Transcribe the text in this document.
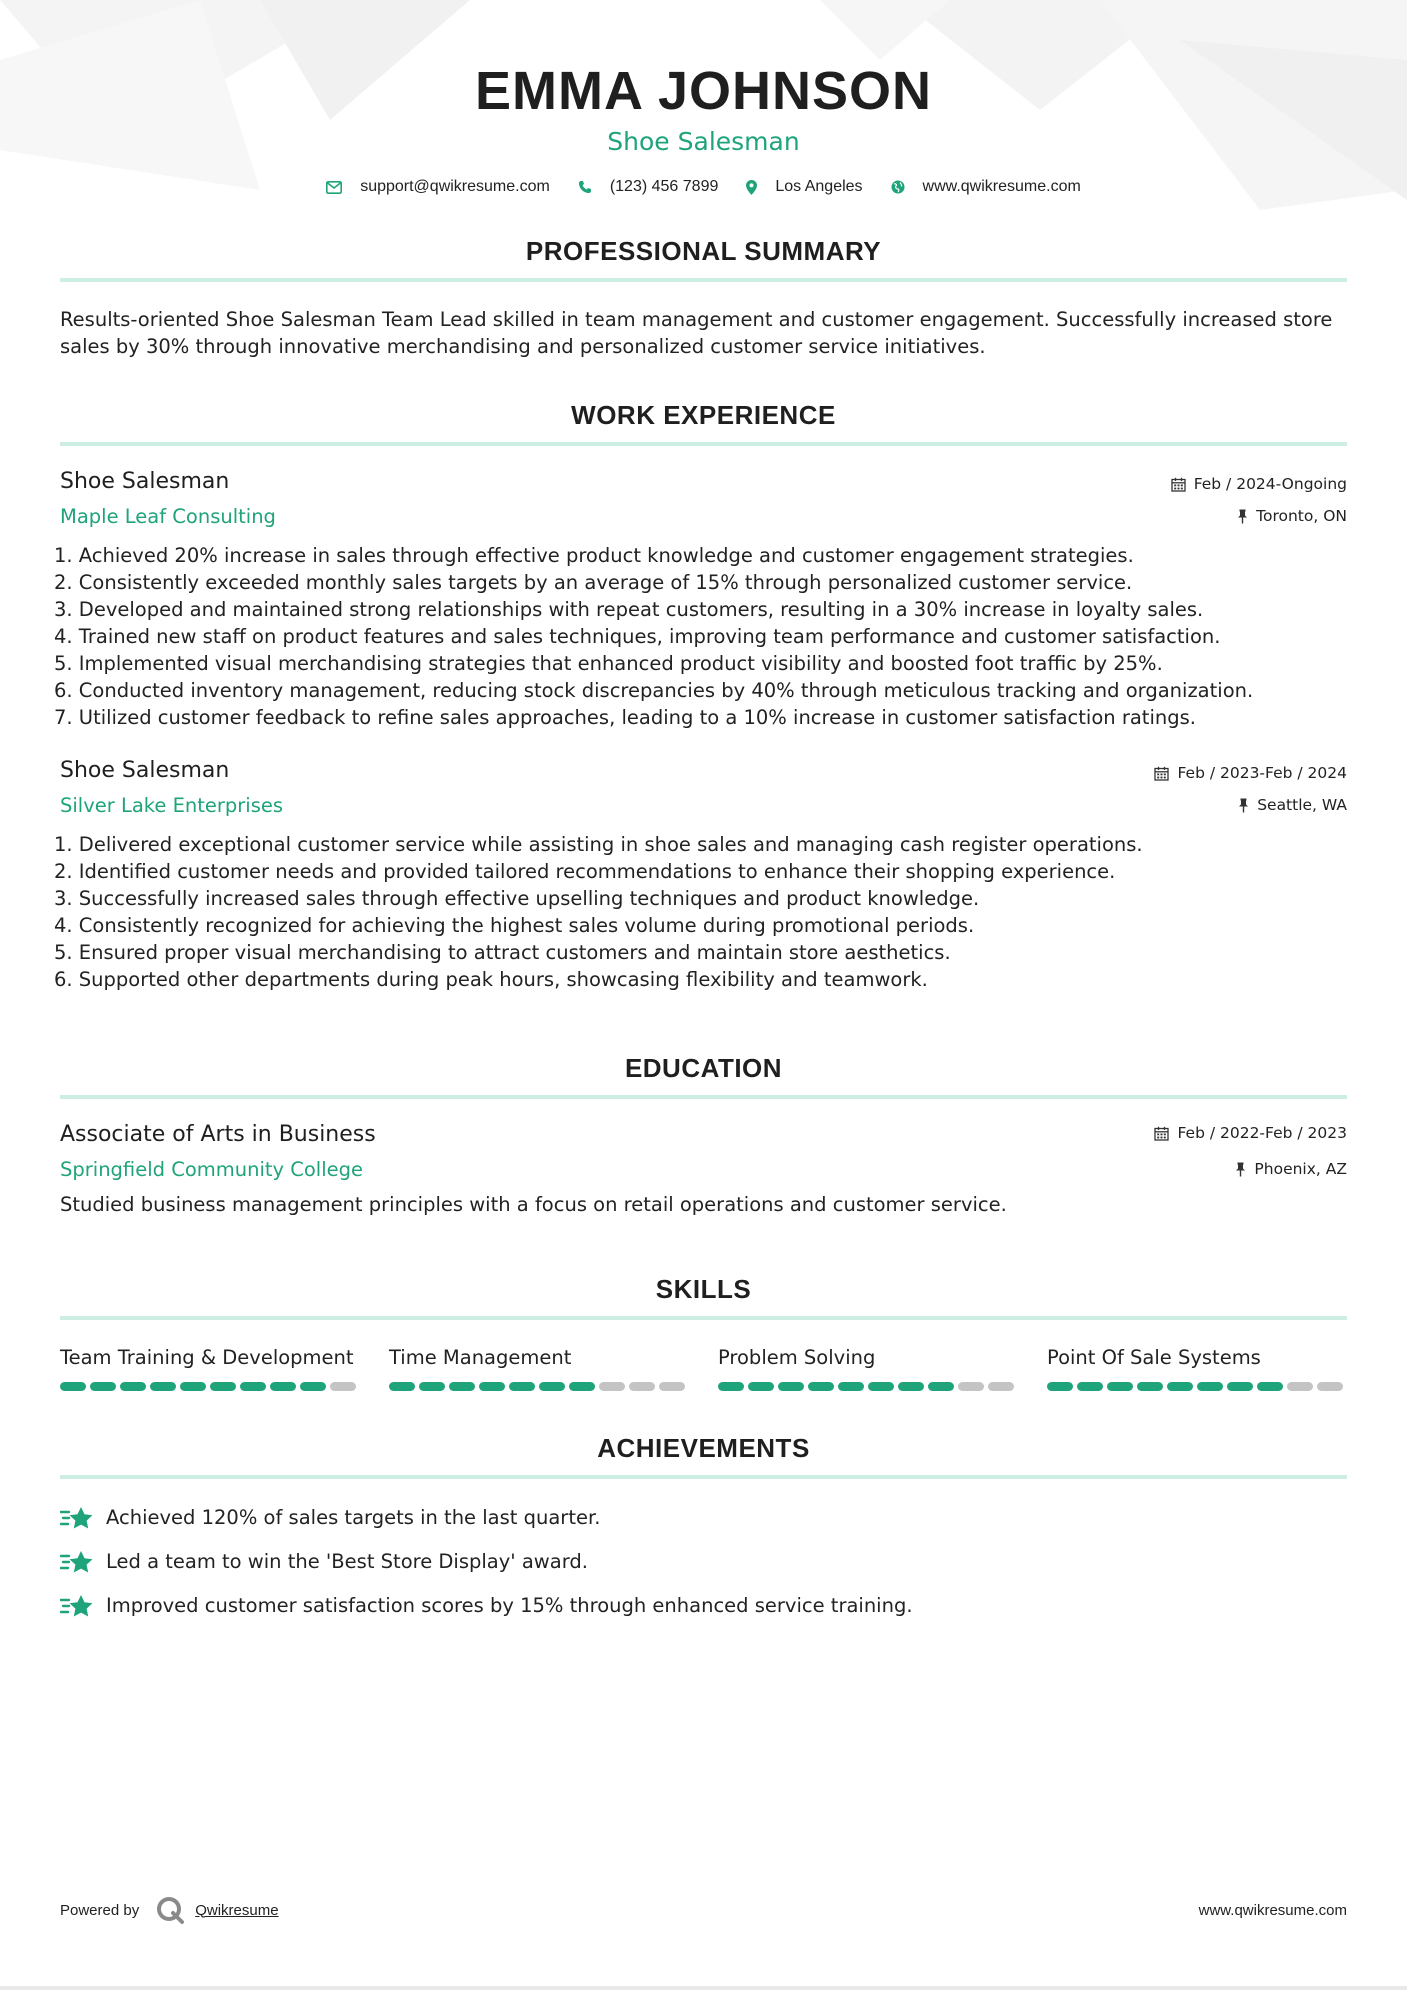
EMMA JOHNSON
Shoe Salesman
support@qwikresume.com	(123) 456 7899	Los Angeles	www.qwikresume.com
PROFESSIONAL SUMMARY
Results-oriented Shoe Salesman Team Lead skilled in team management and customer engagement. Successfully increased store sales by 30% through innovative merchandising and personalized customer service initiatives.
WORK EXPERIENCE
Shoe Salesman
Maple Leaf Consulting
Feb / 2024-Ongoing
Toronto, ON
1. Achieved 20% increase in sales through effective product knowledge and customer engagement strategies.
2. Consistently exceeded monthly sales targets by an average of 15% through personalized customer service.
3. Developed and maintained strong relationships with repeat customers, resulting in a 30% increase in loyalty sales.
4. Trained new staff on product features and sales techniques, improving team performance and customer satisfaction.
5. Implemented visual merchandising strategies that enhanced product visibility and boosted foot traffic by 25%.
6. Conducted inventory management, reducing stock discrepancies by 40% through meticulous tracking and organization.
7. Utilized customer feedback to refine sales approaches, leading to a 10% increase in customer satisfaction ratings.
Shoe Salesman
Silver Lake Enterprises
Feb / 2023-Feb / 2024
Seattle, WA
1. Delivered exceptional customer service while assisting in shoe sales and managing cash register operations.
2. Identified customer needs and provided tailored recommendations to enhance their shopping experience.
3. Successfully increased sales through effective upselling techniques and product knowledge.
4. Consistently recognized for achieving the highest sales volume during promotional periods.
5. Ensured proper visual merchandising to attract customers and maintain store aesthetics.
6. Supported other departments during peak hours, showcasing flexibility and teamwork.
EDUCATION
Associate of Arts in Business
Springfield Community College
Feb / 2022-Feb / 2023
Phoenix, AZ
Studied business management principles with a focus on retail operations and customer service.
SKILLS
Team Training & Development	Time Management	Problem Solving	Point Of Sale Systems
ACHIEVEMENTS
Achieved 120% of sales targets in the last quarter.
Led a team to win the 'Best Store Display' award.
Improved customer satisfaction scores by 15% through enhanced service training.
Powered by	Qwikresume	www.qwikresume.com
